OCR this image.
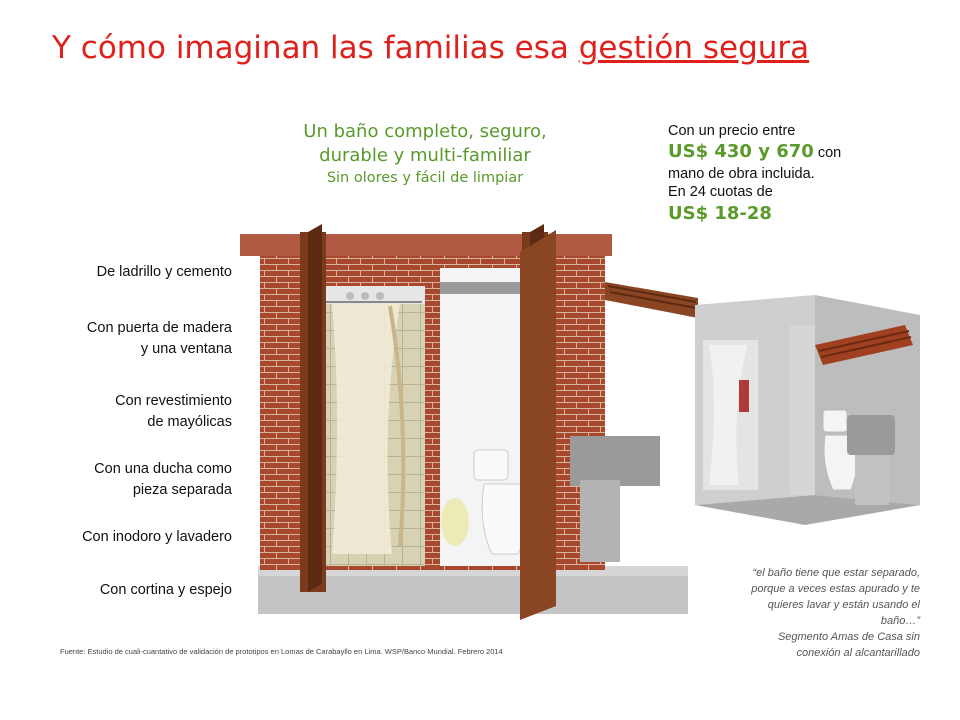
Y cómo imaginan las familias esa gestión segura
Un baño completo, seguro,
durable y multi-familiar
Sin olores y fácil de limpiar
Con un precio entre
US$ 430 y 670 con
mano de obra incluida.
En 24 cuotas de
US$ 18-28
De ladrillo y cemento
Con puerta de madera
y una ventana
Con revestimiento
de mayólicas
Con una ducha como
pieza separada
Con inodoro y lavadero
Con cortina y espejo
“el baño tiene que estar separado,
porque a veces estas apurado y te
quieres lavar y están usando el
baño…”
Segmento Amas de Casa sin
conexión al alcantarillado
Fuente: Estudio de cuali-cuantativo de validación de prototipos en Lomas de Carabayllo en Lima. WSP/Banco Mundial. Febrero 2014
